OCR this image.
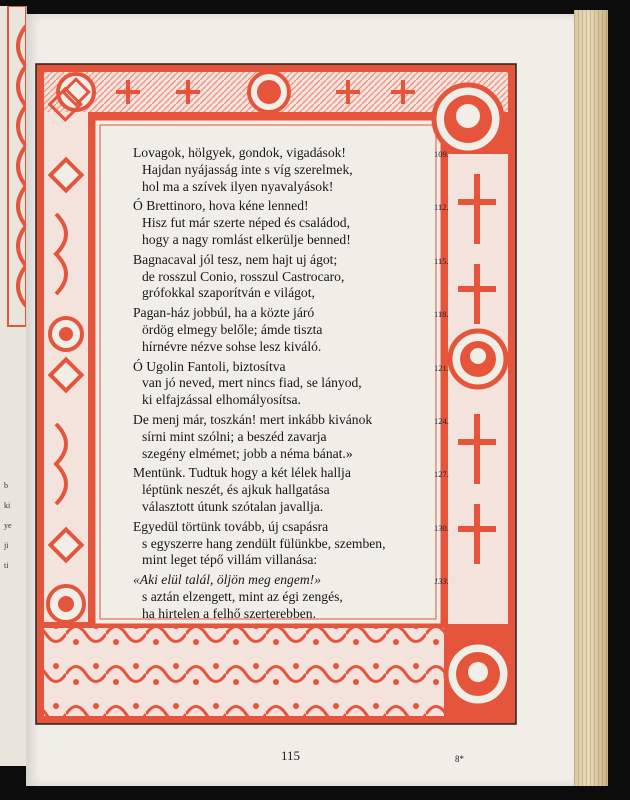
b
ki
ye
ji
ti
Lovagok, hölgyek, gondok, vigadások!	109.
Hajdan nyájasság inte s víg szerelmek,
hol ma a szívek ilyen nyavalyások!
Ó Brettinoro, hova kéne lenned!	112.
Hisz fut már szerte néped és családod,
hogy a nagy romlást elkerülje benned!
Bagnacaval jól tesz, nem hajt uj ágot;	115.
de rosszul Conio, rosszul Castrocaro,
grófokkal szaporítván e világot,
Pagan-ház jobbúl, ha a közte járó	118.
ördög elmegy belőle; ámde tiszta
hírnévre nézve sohse lesz kiváló.
Ó Ugolin Fantoli, biztosítva	121.
van jó neved, mert nincs fiad, se lányod,
ki elfajzással elhomályosítsa.
De menj már, toszkán! mert inkább kivánok	124.
sírni mint szólni; a beszéd zavarja
szegény elmémet; jobb a néma bánat.»
Mentünk. Tudtuk hogy a két lélek hallja	127.
léptünk neszét, és ajkuk hallgatása
választott útunk szótalan javallja.
Egyedül törtünk tovább, új csapásra	130.
s egyszerre hang zendült fülünkbe, szemben,
mint leget tépő villám villanása:
«Aki elül talál, öljön meg engem!»	133.
s aztán elzengett, mint az égi zengés,
ha hirtelen a felhő szerterebben.
115	8*
